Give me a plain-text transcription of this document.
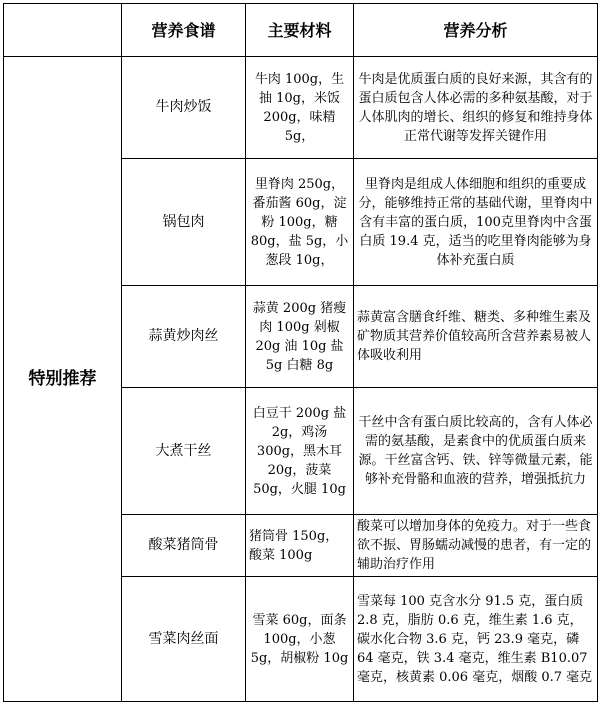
	营养食谱	主要材料	营养分析
特别推荐	牛肉炒饭	牛肉 100g，生抽 10g，米饭 200g，味精 5g，	牛肉是优质蛋白质的良好来源，其含有的蛋白质包含人体必需的多种氨基酸，对于人体肌肉的增长、组织的修复和维持身体正常代谢等发挥关键作用
	锅包肉	里脊肉 250g，番茄酱 60g，淀粉 100g，糖 80g，盐 5g，小葱段 10g，	里脊肉是组成人体细胞和组织的重要成分，能够维持正常的基础代谢，里脊肉中含有丰富的蛋白质，100克里脊肉中含蛋白质 19.4 克，适当的吃里脊肉能够为身体补充蛋白质
	蒜黄炒肉丝	蒜黄 200g 猪瘦肉 100g 剁椒 20g 油 10g 盐 5g 白糖 8g	蒜黄富含膳食纤维、糖类、多种维生素及矿物质其营养价值较高所含营养素易被人体吸收利用
	大煮干丝	白豆干 200g 盐 2g，鸡汤 300g，黑木耳 20g，菠菜 50g，火腿 10g	干丝中含有蛋白质比较高的，含有人体必需的氨基酸，是素食中的优质蛋白质来源。干丝富含钙、铁、锌等微量元素，能够补充骨骼和血液的营养，增强抵抗力
	酸菜猪筒骨	猪筒骨 150g，酸菜 100g	酸菜可以增加身体的免疫力。对于一些食欲不振、胃肠蠕动减慢的患者，有一定的辅助治疗作用
	雪菜肉丝面	雪菜 60g，面条 100g，小葱 5g，胡椒粉 10g	雪菜每 100 克含水分 91.5 克，蛋白质 2.8 克，脂肪 0.6 克，维生素 1.6 克，碳水化合物 3.6 克，钙 23.9 毫克，磷 64 毫克，铁 3.4 毫克，维生素 B10.07 毫克，核黄素 0.06 毫克，烟酸 0.7 毫克
